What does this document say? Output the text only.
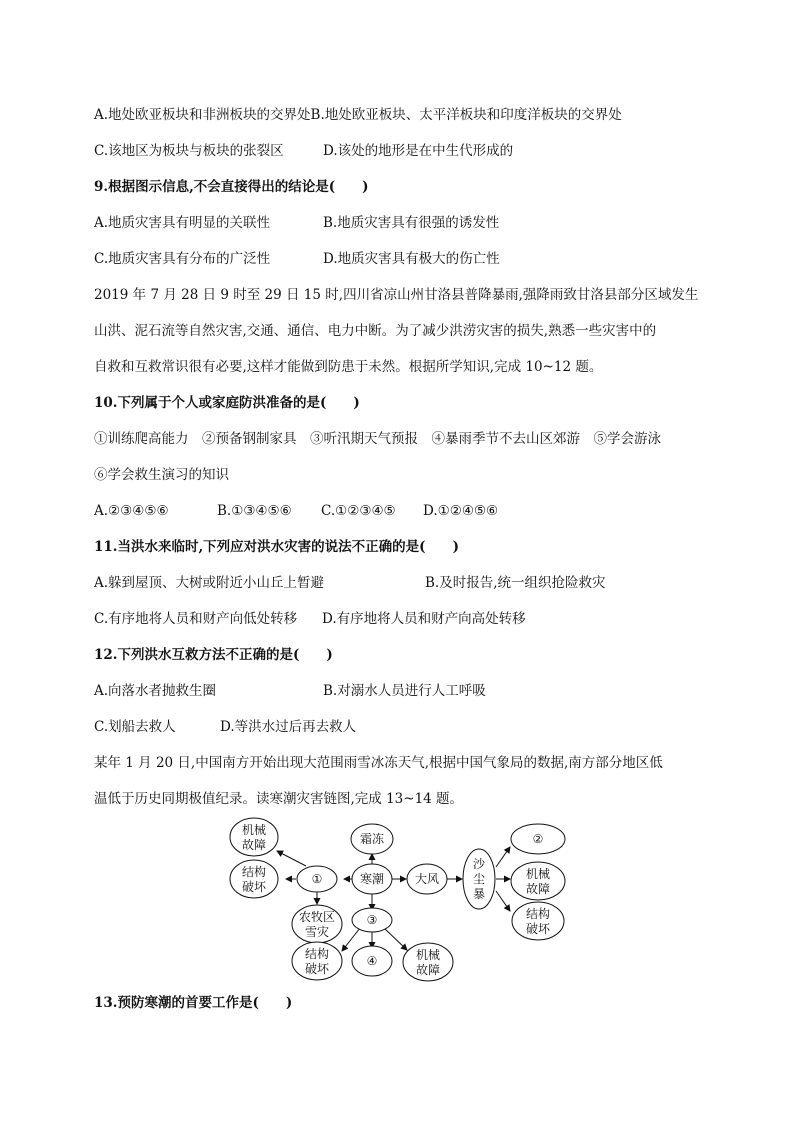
A.地处欧亚板块和非洲板块的交界处B.地处欧亚板块、太平洋板块和印度洋板块的交界处
C.该地区为板块与板块的张裂区	D.该处的地形是在中生代形成的
9.根据图示信息,不会直接得出的结论是(　　)
A.地质灾害具有明显的关联性	B.地质灾害具有很强的诱发性
C.地质灾害具有分布的广泛性	D.地质灾害具有极大的伤亡性
2019 年 7 月 28 日 9 时至 29 日 15 时,四川省凉山州甘洛县普降暴雨,强降雨致甘洛县部分区域发生
山洪、泥石流等自然灾害,交通、通信、电力中断。为了减少洪涝灾害的损失,熟悉一些灾害中的
自救和互救常识很有必要,这样才能做到防患于未然。根据所学知识,完成 10~12 题。
10.下列属于个人或家庭防洪准备的是(　　)
①训练爬高能力　②预备钢制家具　③听汛期天气预报　④暴雨季节不去山区郊游　⑤学会游泳
⑥学会救生演习的知识
A.②③④⑤⑥	B.①③④⑤⑥ C.①②③④⑤ D.①②④⑤⑥
11.当洪水来临时,下列应对洪水灾害的说法不正确的是(　　)
A.躲到屋顶、大树或附近小山丘上暂避	B.及时报告,统一组织抢险救灾
C.有序地将人员和财产向低处转移 D.有序地将人员和财产向高处转移
12.下列洪水互救方法不正确的是(　　)
A.向落水者抛救生圈	B.对溺水人员进行人工呼吸
C.划船去救人	D.等洪水过后再去救人
某年 1 月 20 日,中国南方开始出现大范围雨雪冰冻天气,根据中国气象局的数据,南方部分地区低
温低于历史同期极值纪录。读寒潮灾害链图,完成 13~14 题。
霜冻
机械
故障
结构
破坏
①	寒潮	大风
沙
尘
暴
②
机械
故障
结构
破坏
农牧区
雪灾
③
结构
破坏
④	机械
故障
13.预防寒潮的首要工作是(　　)
